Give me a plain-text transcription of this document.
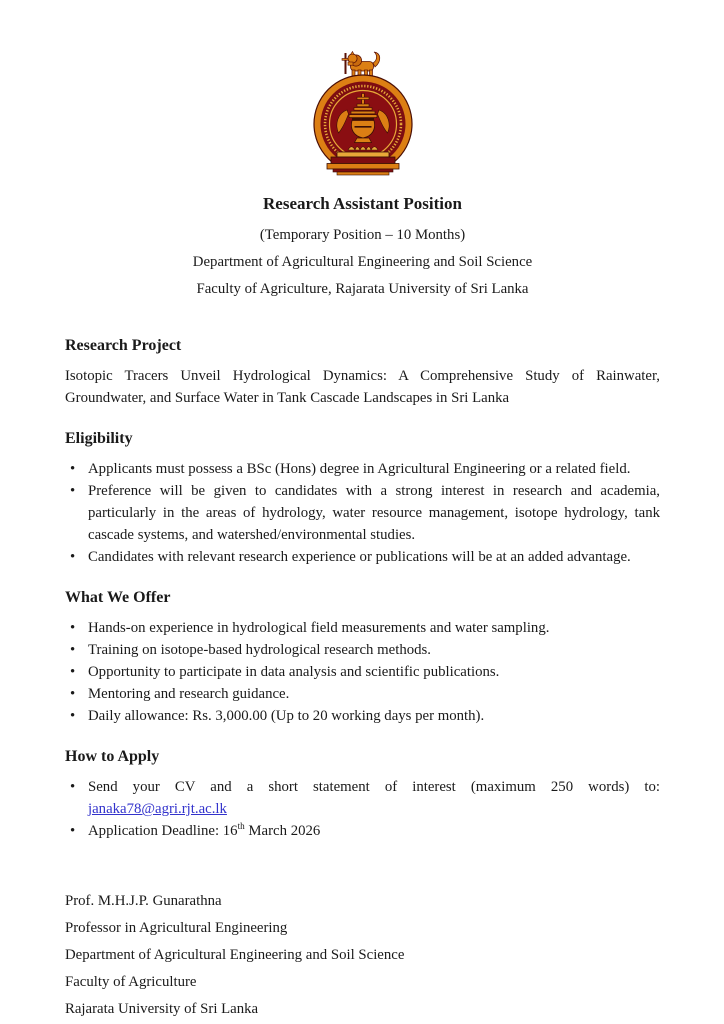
Research Assistant Position

(Temporary Position – 10 Months)

Department of Agricultural Engineering and Soil Science

Faculty of Agriculture, Rajarata University of Sri Lanka

Research Project

Isotopic Tracers Unveil Hydrological Dynamics: A Comprehensive Study of Rainwater, Groundwater, and Surface Water in Tank Cascade Landscapes in Sri Lanka

Eligibility
• Applicants must possess a BSc (Hons) degree in Agricultural Engineering or a related field.
• Preference will be given to candidates with a strong interest in research and academia, particularly in the areas of hydrology, water resource management, isotope hydrology, tank cascade systems, and watershed/environmental studies.
• Candidates with relevant research experience or publications will be at an added advantage.
What We Offer
• Hands-on experience in hydrological field measurements and water sampling.
• Training on isotope-based hydrological research methods.
• Opportunity to participate in data analysis and scientific publications.
• Mentoring and research guidance.
• Daily allowance: Rs. 3,000.00 (Up to 20 working days per month).
How to Apply
• Send your CV and a short statement of interest (maximum 250 words) to: janaka78@agri.rjt.ac.lk
• Application Deadline: 16th March 2026

Prof. M.H.J.P. Gunarathna

Professor in Agricultural Engineering

Department of Agricultural Engineering and Soil Science

Faculty of Agriculture

Rajarata University of Sri Lanka
